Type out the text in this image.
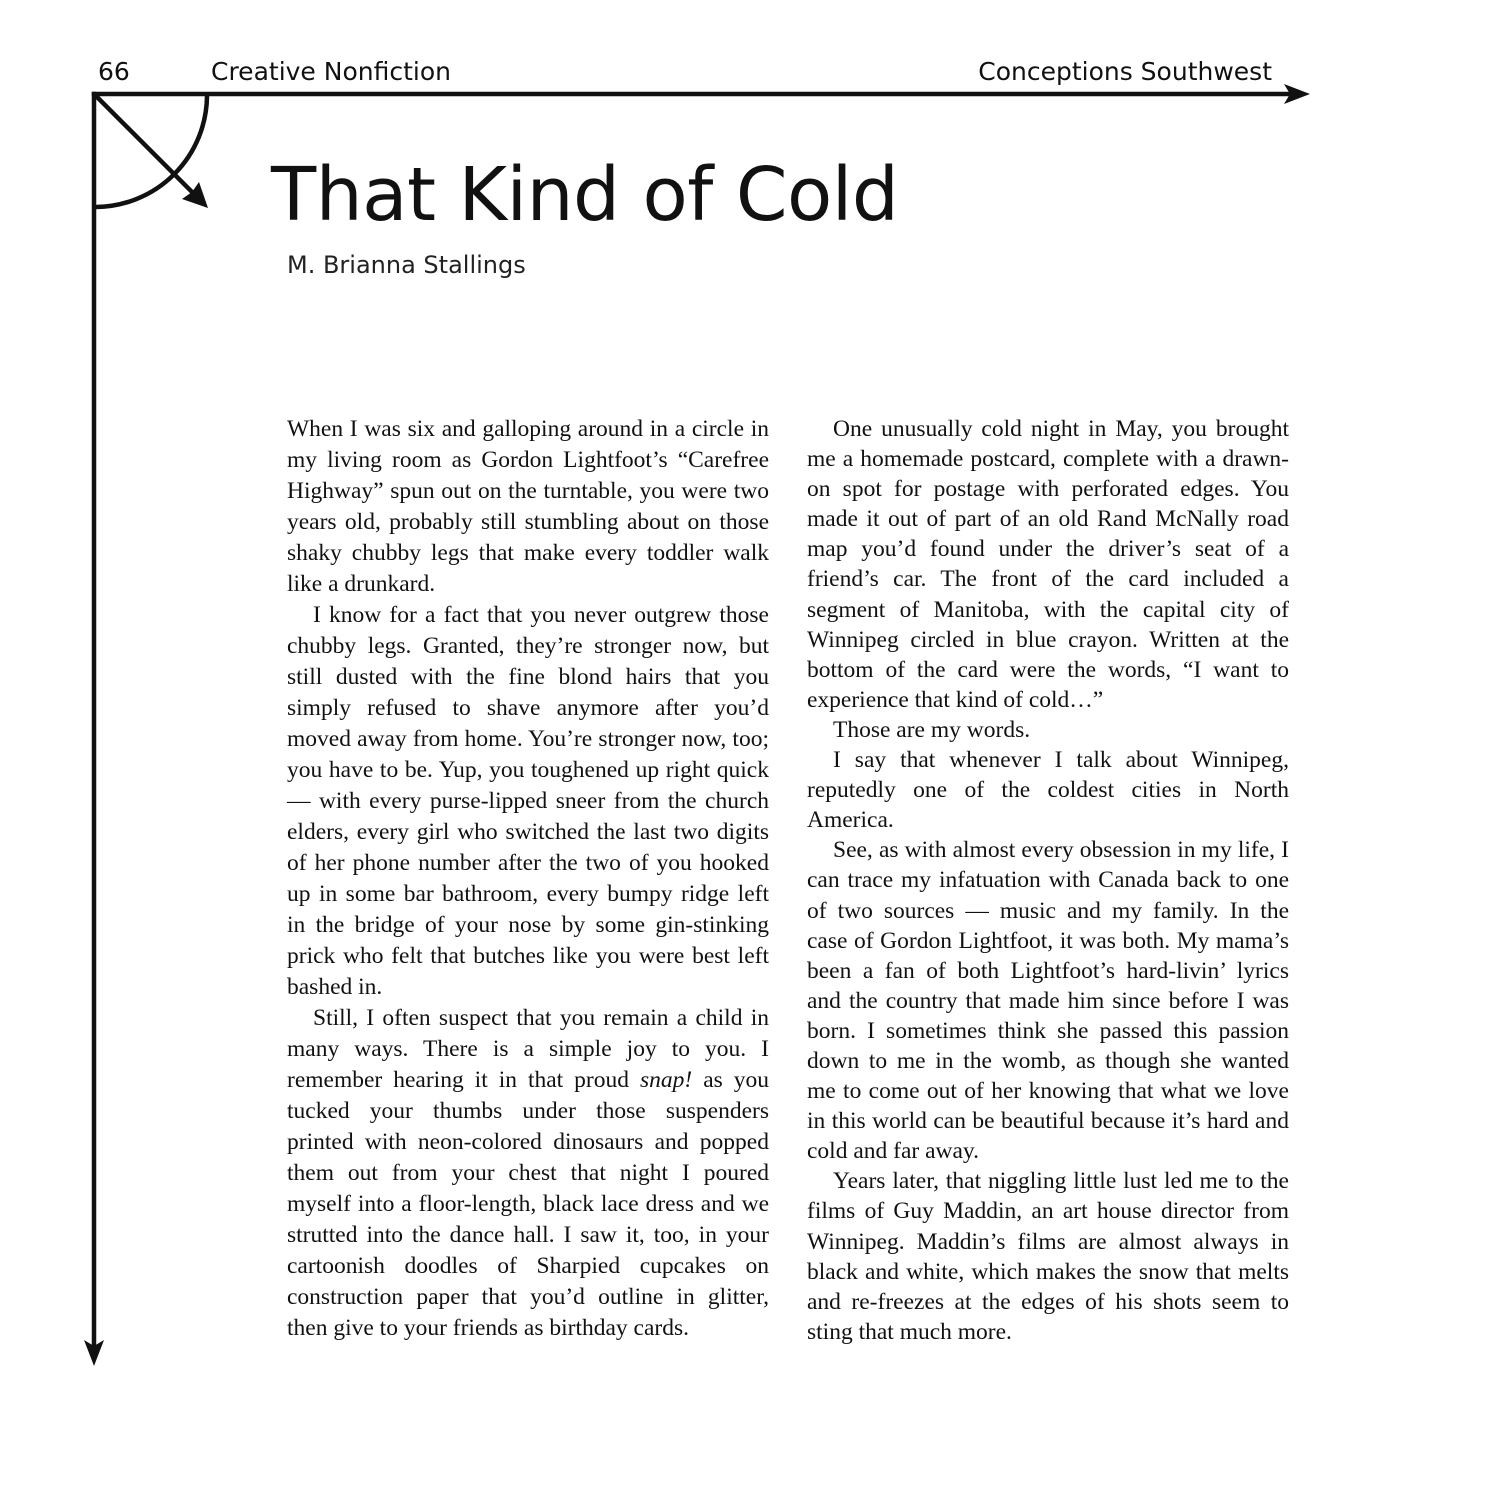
66	Creative Nonfiction	Conceptions Southwest
That Kind of Cold
M. Brianna Stallings

When I was six and galloping around in a circle in my living room as Gordon Lightfoot’s “Carefree Highway” spun out on the turntable, you were two years old, probably still stumbling about on those shaky chubby legs that make every toddler walk like a drunkard.

I know for a fact that you never outgrew those chubby legs. Granted, they’re stronger now, but still dusted with the fine blond hairs that you simply refused to shave anymore after you’d moved away from home. You’re stronger now, too; you have to be. Yup, you toughened up right quick — with every purse-lipped sneer from the church elders, every girl who switched the last two digits of her phone number after the two of you hooked up in some bar bathroom, every bumpy ridge left in the bridge of your nose by some gin-stinking prick who felt that butches like you were best left bashed in.

Still, I often suspect that you remain a child in many ways. There is a simple joy to you. I remember hearing it in that proud snap! as you tucked your thumbs under those suspenders printed with neon-colored dinosaurs and popped them out from your chest that night I poured myself into a floor-length, black lace dress and we strutted into the dance hall. I saw it, too, in your cartoonish doodles of Sharpied cupcakes on construction paper that you’d outline in glitter, then give to your friends as birthday cards.

One unusually cold night in May, you brought me a homemade postcard, complete with a drawn-on spot for postage with perforated edges. You made it out of part of an old Rand McNally road map you’d found under the driver’s seat of a friend’s car. The front of the card included a segment of Manitoba, with the capital city of Winnipeg circled in blue crayon. Written at the bottom of the card were the words, “I want to experience that kind of cold…”

Those are my words.

I say that whenever I talk about Winnipeg, reputedly one of the coldest cities in North America.

See, as with almost every obsession in my life, I can trace my infatuation with Canada back to one of two sources — music and my family. In the case of Gordon Lightfoot, it was both. My mama’s been a fan of both Lightfoot’s hard-livin’ lyrics and the country that made him since before I was born. I sometimes think she passed this passion down to me in the womb, as though she wanted me to come out of her knowing that what we love in this world can be beautiful because it’s hard and cold and far away.

Years later, that niggling little lust led me to the films of Guy Maddin, an art house director from Winnipeg. Maddin’s films are almost always in black and white, which makes the snow that melts and re-freezes at the edges of his shots seem to sting that much more.
